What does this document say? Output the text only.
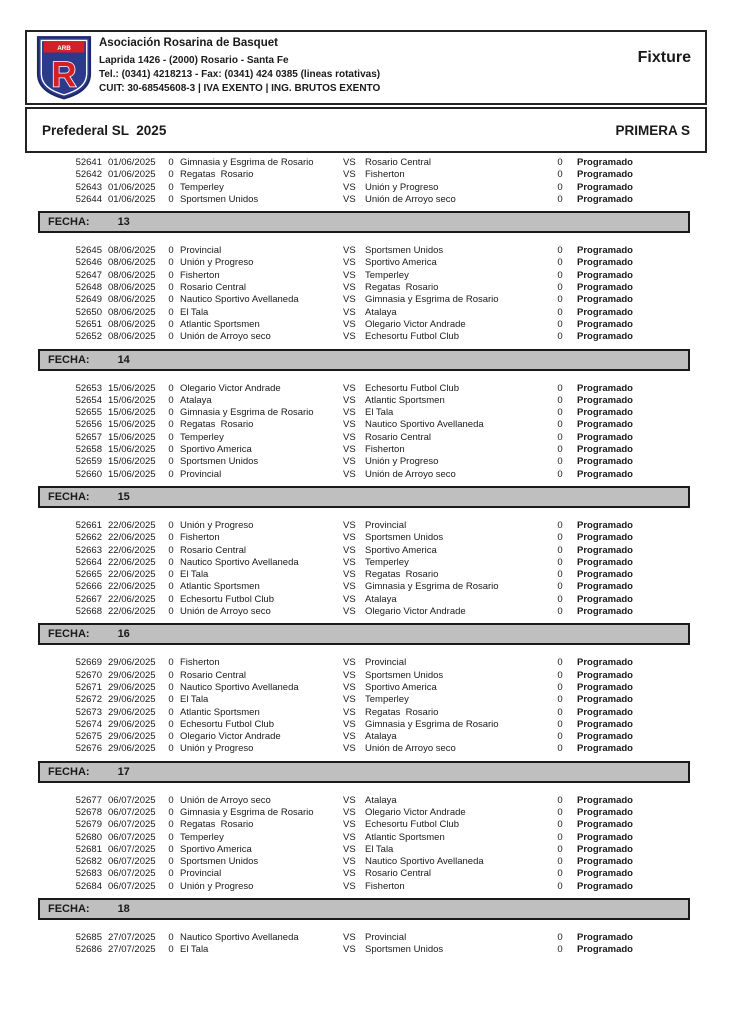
ARB
R
Asociación Rosarina de Basquet
Laprida 1426 - (2000) Rosario - Santa Fe
Tel.: (0341) 4218213 - Fax: (0341) 424 0385 (lineas rotativas)
CUIT: 30-68545608-3 | IVA EXENTO | ING. BRUTOS EXENTO
Fixture
Prefederal SL  2025	PRIMERA S
52641 01/06/2025	0 Gimnasia y Esgrima de Rosario	VS Rosario Central	0 Programado
52642 01/06/2025	0 Regatas  Rosario	VS Fisherton	0 Programado
52643 01/06/2025	0 Temperley	VS Unión y Progreso	0 Programado
52644 01/06/2025	0 Sportsmen Unidos	VS Unión de Arroyo seco	0 Programado
FECHA:	13
52645 08/06/2025	0 Provincial	VS Sportsmen Unidos	0 Programado
52646 08/06/2025	0 Unión y Progreso	VS Sportivo America	0 Programado
52647 08/06/2025	0 Fisherton	VS Temperley	0 Programado
52648 08/06/2025	0 Rosario Central	VS Regatas  Rosario	0 Programado
52649 08/06/2025	0 Nautico Sportivo Avellaneda	VS Gimnasia y Esgrima de Rosario	0 Programado
52650 08/06/2025	0 El Tala	VS Atalaya	0 Programado
52651 08/06/2025	0 Atlantic Sportsmen	VS Olegario Victor Andrade	0 Programado
52652 08/06/2025	0 Unión de Arroyo seco	VS Echesortu Futbol Club	0 Programado
FECHA:	14
52653 15/06/2025	0 Olegario Victor Andrade	VS Echesortu Futbol Club	0 Programado
52654 15/06/2025	0 Atalaya	VS Atlantic Sportsmen	0 Programado
52655 15/06/2025	0 Gimnasia y Esgrima de Rosario	VS El Tala	0 Programado
52656 15/06/2025	0 Regatas  Rosario	VS Nautico Sportivo Avellaneda	0 Programado
52657 15/06/2025	0 Temperley	VS Rosario Central	0 Programado
52658 15/06/2025	0 Sportivo America	VS Fisherton	0 Programado
52659 15/06/2025	0 Sportsmen Unidos	VS Unión y Progreso	0 Programado
52660 15/06/2025	0 Provincial	VS Unión de Arroyo seco	0 Programado
FECHA:	15
52661 22/06/2025	0 Unión y Progreso	VS Provincial	0 Programado
52662 22/06/2025	0 Fisherton	VS Sportsmen Unidos	0 Programado
52663 22/06/2025	0 Rosario Central	VS Sportivo America	0 Programado
52664 22/06/2025	0 Nautico Sportivo Avellaneda	VS Temperley	0 Programado
52665 22/06/2025	0 El Tala	VS Regatas  Rosario	0 Programado
52666 22/06/2025	0 Atlantic Sportsmen	VS Gimnasia y Esgrima de Rosario	0 Programado
52667 22/06/2025	0 Echesortu Futbol Club	VS Atalaya	0 Programado
52668 22/06/2025	0 Unión de Arroyo seco	VS Olegario Victor Andrade	0 Programado
FECHA:	16
52669 29/06/2025	0 Fisherton	VS Provincial	0 Programado
52670 29/06/2025	0 Rosario Central	VS Sportsmen Unidos	0 Programado
52671 29/06/2025	0 Nautico Sportivo Avellaneda	VS Sportivo America	0 Programado
52672 29/06/2025	0 El Tala	VS Temperley	0 Programado
52673 29/06/2025	0 Atlantic Sportsmen	VS Regatas  Rosario	0 Programado
52674 29/06/2025	0 Echesortu Futbol Club	VS Gimnasia y Esgrima de Rosario	0 Programado
52675 29/06/2025	0 Olegario Victor Andrade	VS Atalaya	0 Programado
52676 29/06/2025	0 Unión y Progreso	VS Unión de Arroyo seco	0 Programado
FECHA:	17
52677 06/07/2025	0 Unión de Arroyo seco	VS Atalaya	0 Programado
52678 06/07/2025	0 Gimnasia y Esgrima de Rosario	VS Olegario Victor Andrade	0 Programado
52679 06/07/2025	0 Regatas  Rosario	VS Echesortu Futbol Club	0 Programado
52680 06/07/2025	0 Temperley	VS Atlantic Sportsmen	0 Programado
52681 06/07/2025	0 Sportivo America	VS El Tala	0 Programado
52682 06/07/2025	0 Sportsmen Unidos	VS Nautico Sportivo Avellaneda	0 Programado
52683 06/07/2025	0 Provincial	VS Rosario Central	0 Programado
52684 06/07/2025	0 Unión y Progreso	VS Fisherton	0 Programado
FECHA:	18
52685 27/07/2025	0 Nautico Sportivo Avellaneda	VS Provincial	0 Programado
52686 27/07/2025	0 El Tala	VS Sportsmen Unidos	0 Programado
